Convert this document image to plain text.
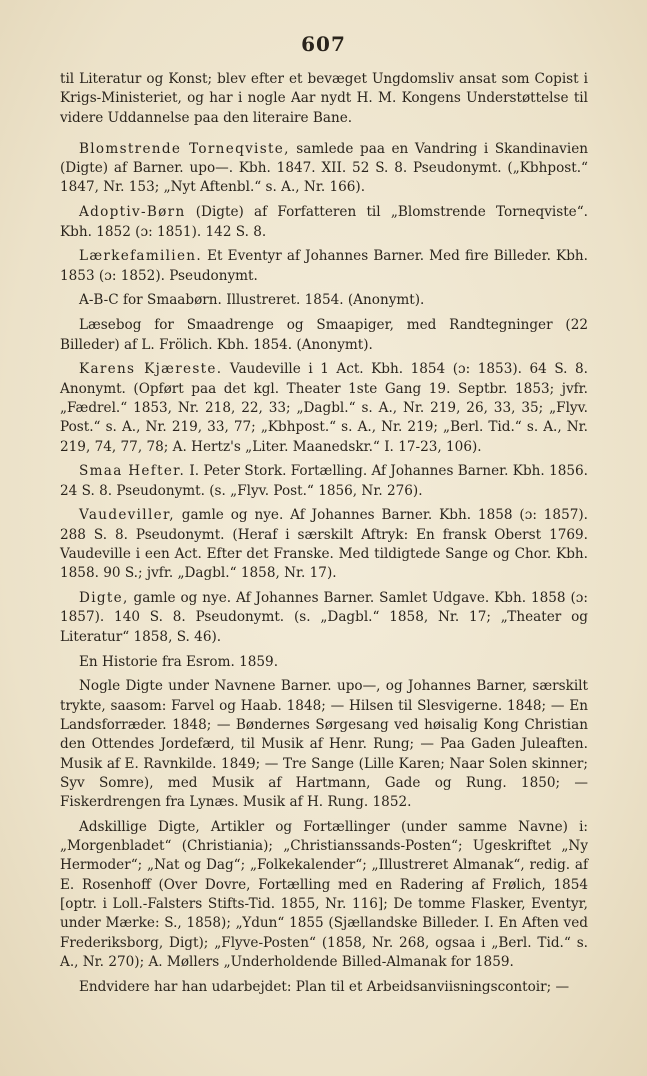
607

til Literatur og Konst; blev efter et bevæget Ungdomsliv ansat som Copist i Krigs-Ministeriet, og har i nogle Aar nydt H. M. Kongens Understøttelse til videre Uddannelse paa den literaire Bane.

Blomstrende Torneqviste, samlede paa en Vandring i Skandinavien (Digte) af Barner. upo—. Kbh. 1847. XII. 52 S. 8. Pseudonymt. („Kbhpost.“ 1847, Nr. 153; „Nyt Aftenbl.“ s. A., Nr. 166).

Adoptiv-Børn (Digte) af Forfatteren til „Blomstrende Torneqviste“. Kbh. 1852 (ɔ: 1851). 142 S. 8.

Lærkefamilien. Et Eventyr af Johannes Barner. Med fire Billeder. Kbh. 1853 (ɔ: 1852). Pseudonymt.

A-B-C for Smaabørn. Illustreret. 1854. (Anonymt).

Læsebog for Smaadrenge og Smaapiger, med Randtegninger (22 Billeder) af L. Frölich. Kbh. 1854. (Anonymt).

Karens Kjæreste. Vaudeville i 1 Act. Kbh. 1854 (ɔ: 1853). 64 S. 8. Anonymt. (Opført paa det kgl. Theater 1ste Gang 19. Septbr. 1853; jvfr. „Fædrel.“ 1853, Nr. 218, 22, 33; „Dagbl.“ s. A., Nr. 219, 26, 33, 35; „Flyv. Post.“ s. A., Nr. 219, 33, 77; „Kbhpost.“ s. A., Nr. 219; „Berl. Tid.“ s. A., Nr. 219, 74, 77, 78; A. Hertz's „Liter. Maanedskr.“ I. 17-23, 106).

Smaa Hefter. I. Peter Stork. Fortælling. Af Johannes Barner. Kbh. 1856. 24 S. 8. Pseudonymt. (s. „Flyv. Post.“ 1856, Nr. 276).

Vaudeviller, gamle og nye. Af Johannes Barner. Kbh. 1858 (ɔ: 1857). 288 S. 8. Pseudonymt. (Heraf i særskilt Aftryk: En fransk Oberst 1769. Vaudeville i een Act. Efter det Franske. Med tildigtede Sange og Chor. Kbh. 1858. 90 S.; jvfr. „Dagbl.“ 1858, Nr. 17).

Digte, gamle og nye. Af Johannes Barner. Samlet Udgave. Kbh. 1858 (ɔ: 1857). 140 S. 8. Pseudonymt. (s. „Dagbl.“ 1858, Nr. 17; „Theater og Literatur“ 1858, S. 46).

En Historie fra Esrom. 1859.

Nogle Digte under Navnene Barner. upo—, og Johannes Barner, særskilt trykte, saasom: Farvel og Haab. 1848; — Hilsen til Slesvigerne. 1848; — En Landsforræder. 1848; — Bøndernes Sørgesang ved høisalig Kong Christian den Ottendes Jordefærd, til Musik af Henr. Rung; — Paa Gaden Juleaften. Musik af E. Ravnkilde. 1849; — Tre Sange (Lille Karen; Naar Solen skinner; Syv Somre), med Musik af Hartmann, Gade og Rung. 1850; — Fiskerdrengen fra Lynæs. Musik af H. Rung. 1852.

Adskillige Digte, Artikler og Fortællinger (under samme Navne) i: „Morgenbladet“ (Christiania); „Christianssands-Posten“; Ugeskriftet „Ny Hermoder“; „Nat og Dag“; „Folkekalender“; „Illustreret Almanak“, redig. af E. Rosenhoff (Over Dovre, Fortælling med en Radering af Frølich, 1854 [optr. i Loll.-Falsters Stifts-Tid. 1855, Nr. 116]; De tomme Flasker, Eventyr, under Mærke: S., 1858); „Ydun“ 1855 (Sjællandske Billeder. I. En Aften ved Frederiksborg, Digt); „Flyve-Posten“ (1858, Nr. 268, ogsaa i „Berl. Tid.“ s. A., Nr. 270); A. Møllers „Underholdende Billed-Almanak for 1859.

Endvidere har han udarbejdet: Plan til et Arbeidsanviisningscontoir; —
